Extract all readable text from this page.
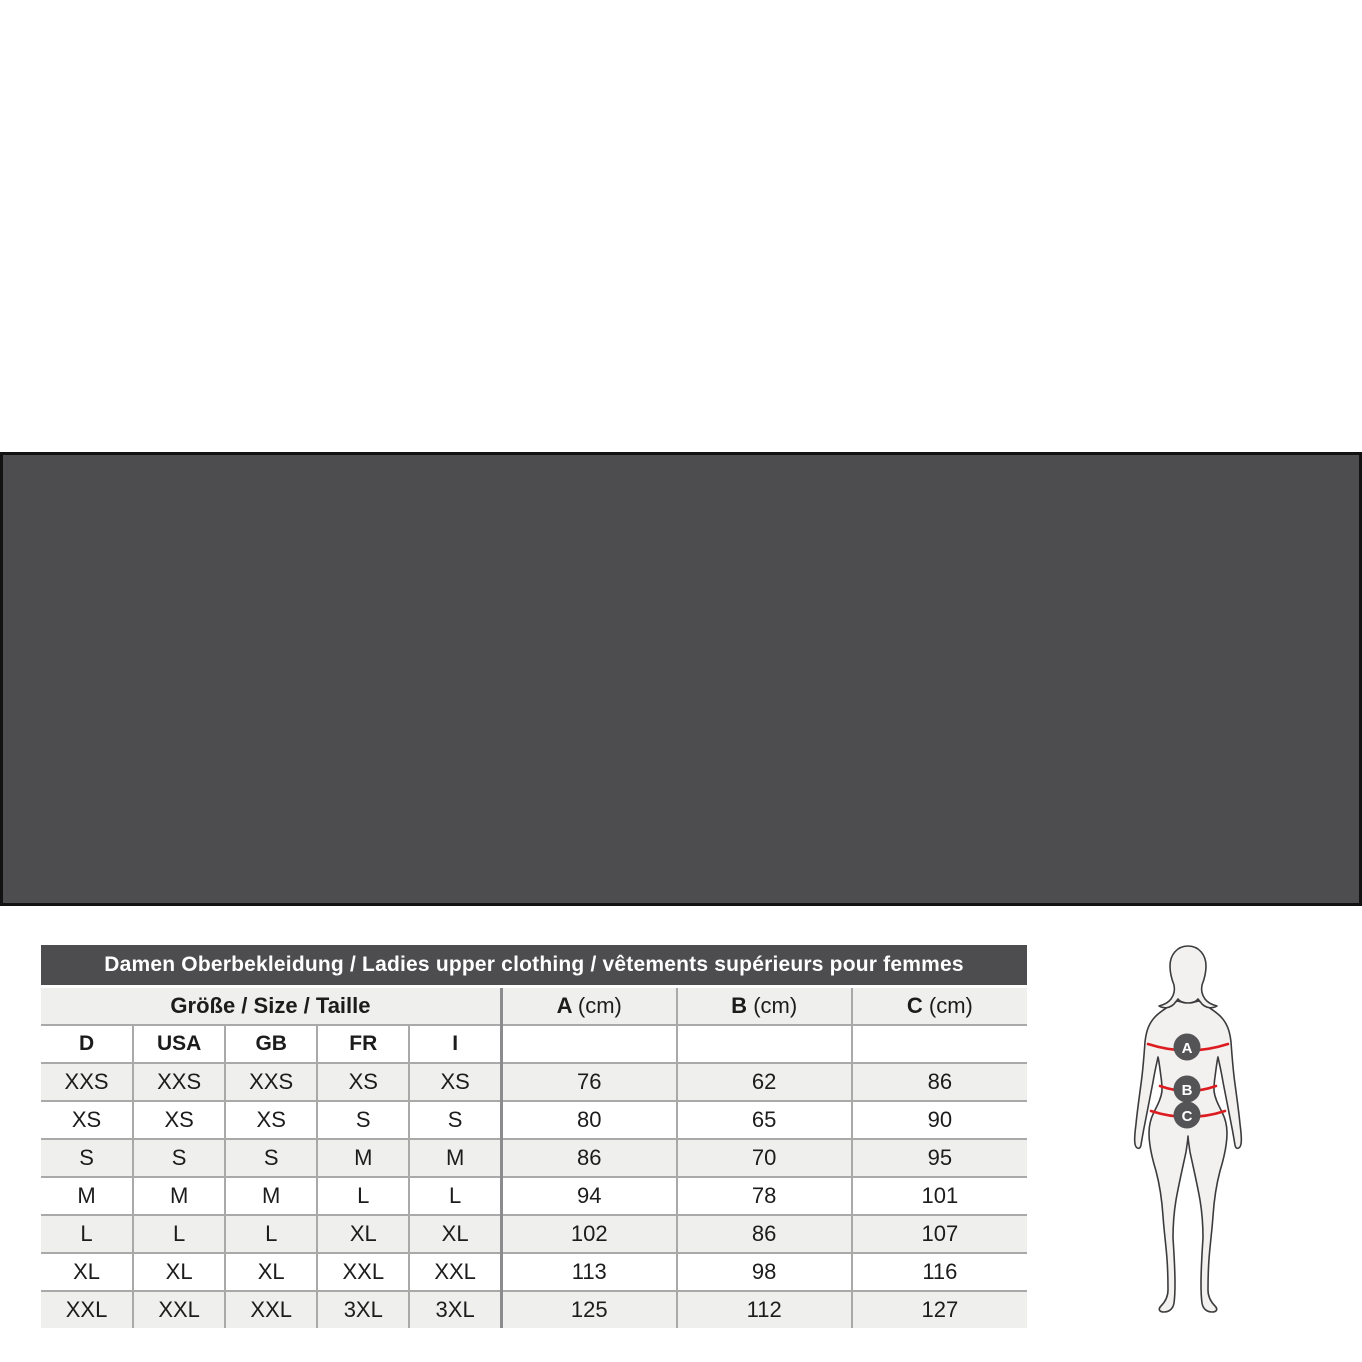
Damen Oberbekleidung / Ladies upper clothing / vêtements supérieurs pour femmes
Größe / Size / Taille					A (cm)	B (cm)	C (cm)
D	USA	GB	FR	I			
XXS	XXS	XXS	XS	XS	76	62	86
XS	XS	XS	S	S	80	65	90
S	S	S	M	M	86	70	95
M	M	M	L	L	94	78	101
L	L	L	XL	XL	102	86	107
XL	XL	XL	XXL	XXL	113	98	116
XXL	XXL	XXL	3XL	3XL	125	112	127
A
B
C
